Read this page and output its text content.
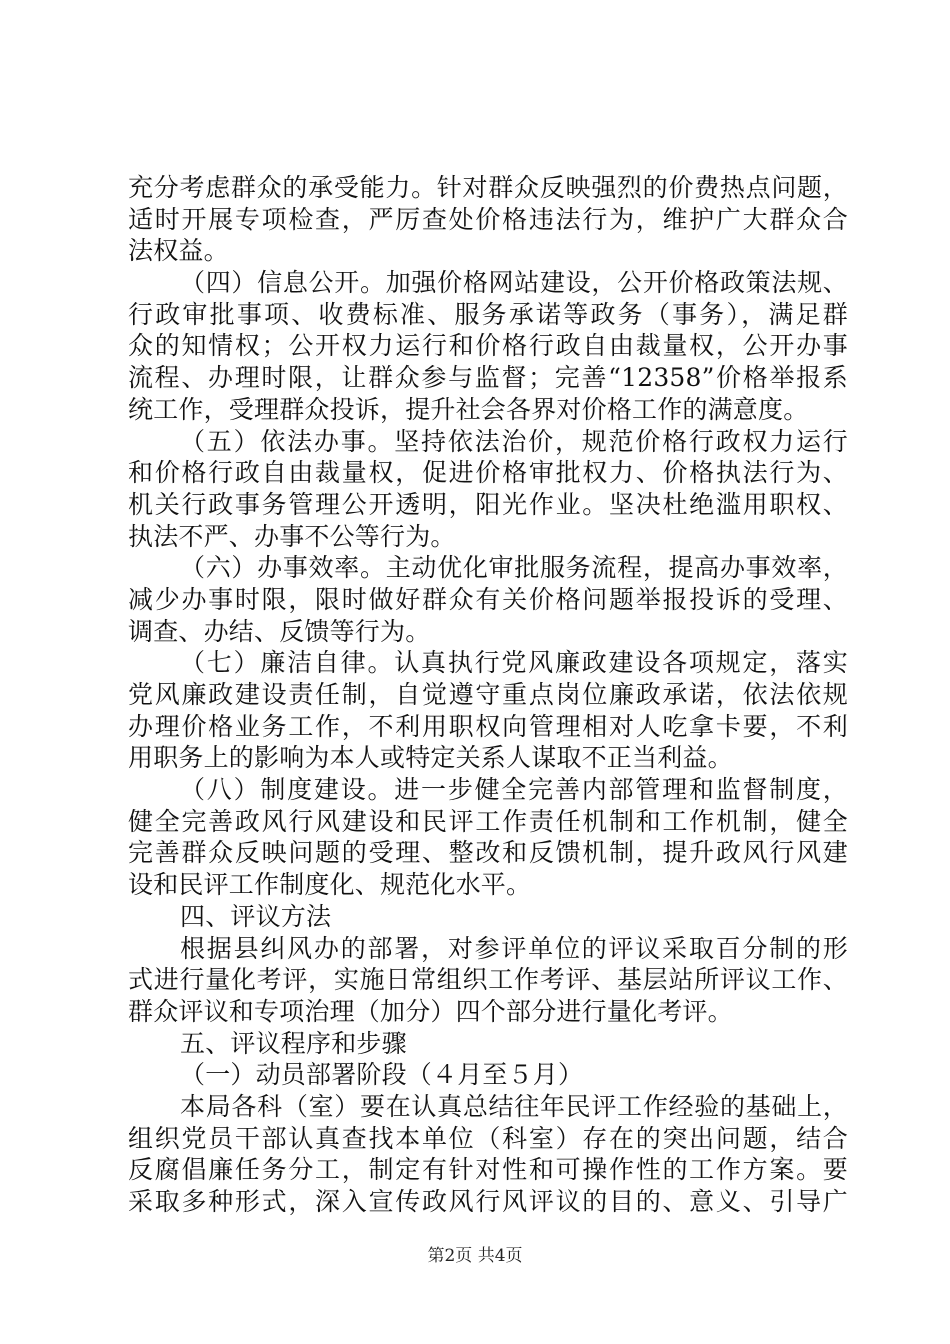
充分考虑群众的承受能力。针对群众反映强烈的价费热点问题，
适时开展专项检查，严厉查处价格违法行为，维护广大群众合
法权益。
（四）信息公开。加强价格网站建设，公开价格政策法规、
行政审批事项、收费标准、服务承诺等政务（事务），满足群
众的知情权；公开权力运行和价格行政自由裁量权，公开办事
流程、办理时限，让群众参与监督；完善“12358”价格举报系
统工作，受理群众投诉，提升社会各界对价格工作的满意度。
（五）依法办事。坚持依法治价，规范价格行政权力运行
和价格行政自由裁量权，促进价格审批权力、价格执法行为、
机关行政事务管理公开透明，阳光作业。坚决杜绝滥用职权、
执法不严、办事不公等行为。
（六）办事效率。主动优化审批服务流程，提高办事效率，
减少办事时限，限时做好群众有关价格问题举报投诉的受理、
调查、办结、反馈等行为。
（七）廉洁自律。认真执行党风廉政建设各项规定，落实
党风廉政建设责任制，自觉遵守重点岗位廉政承诺，依法依规
办理价格业务工作，不利用职权向管理相对人吃拿卡要，不利
用职务上的影响为本人或特定关系人谋取不正当利益。
（八）制度建设。进一步健全完善内部管理和监督制度，
健全完善政风行风建设和民评工作责任机制和工作机制，健全
完善群众反映问题的受理、整改和反馈机制，提升政风行风建
设和民评工作制度化、规范化水平。
四、评议方法
根据县纠风办的部署，对参评单位的评议采取百分制的形
式进行量化考评，实施日常组织工作考评、基层站所评议工作、
群众评议和专项治理（加分）四个部分进行量化考评。
五、评议程序和步骤
（一）动员部署阶段（４月至５月）
本局各科（室）要在认真总结往年民评工作经验的基础上，
组织党员干部认真查找本单位（科室）存在的突出问题，结合
反腐倡廉任务分工，制定有针对性和可操作性的工作方案。要
采取多种形式，深入宣传政风行风评议的目的、意义、引导广
第2页 共4页
